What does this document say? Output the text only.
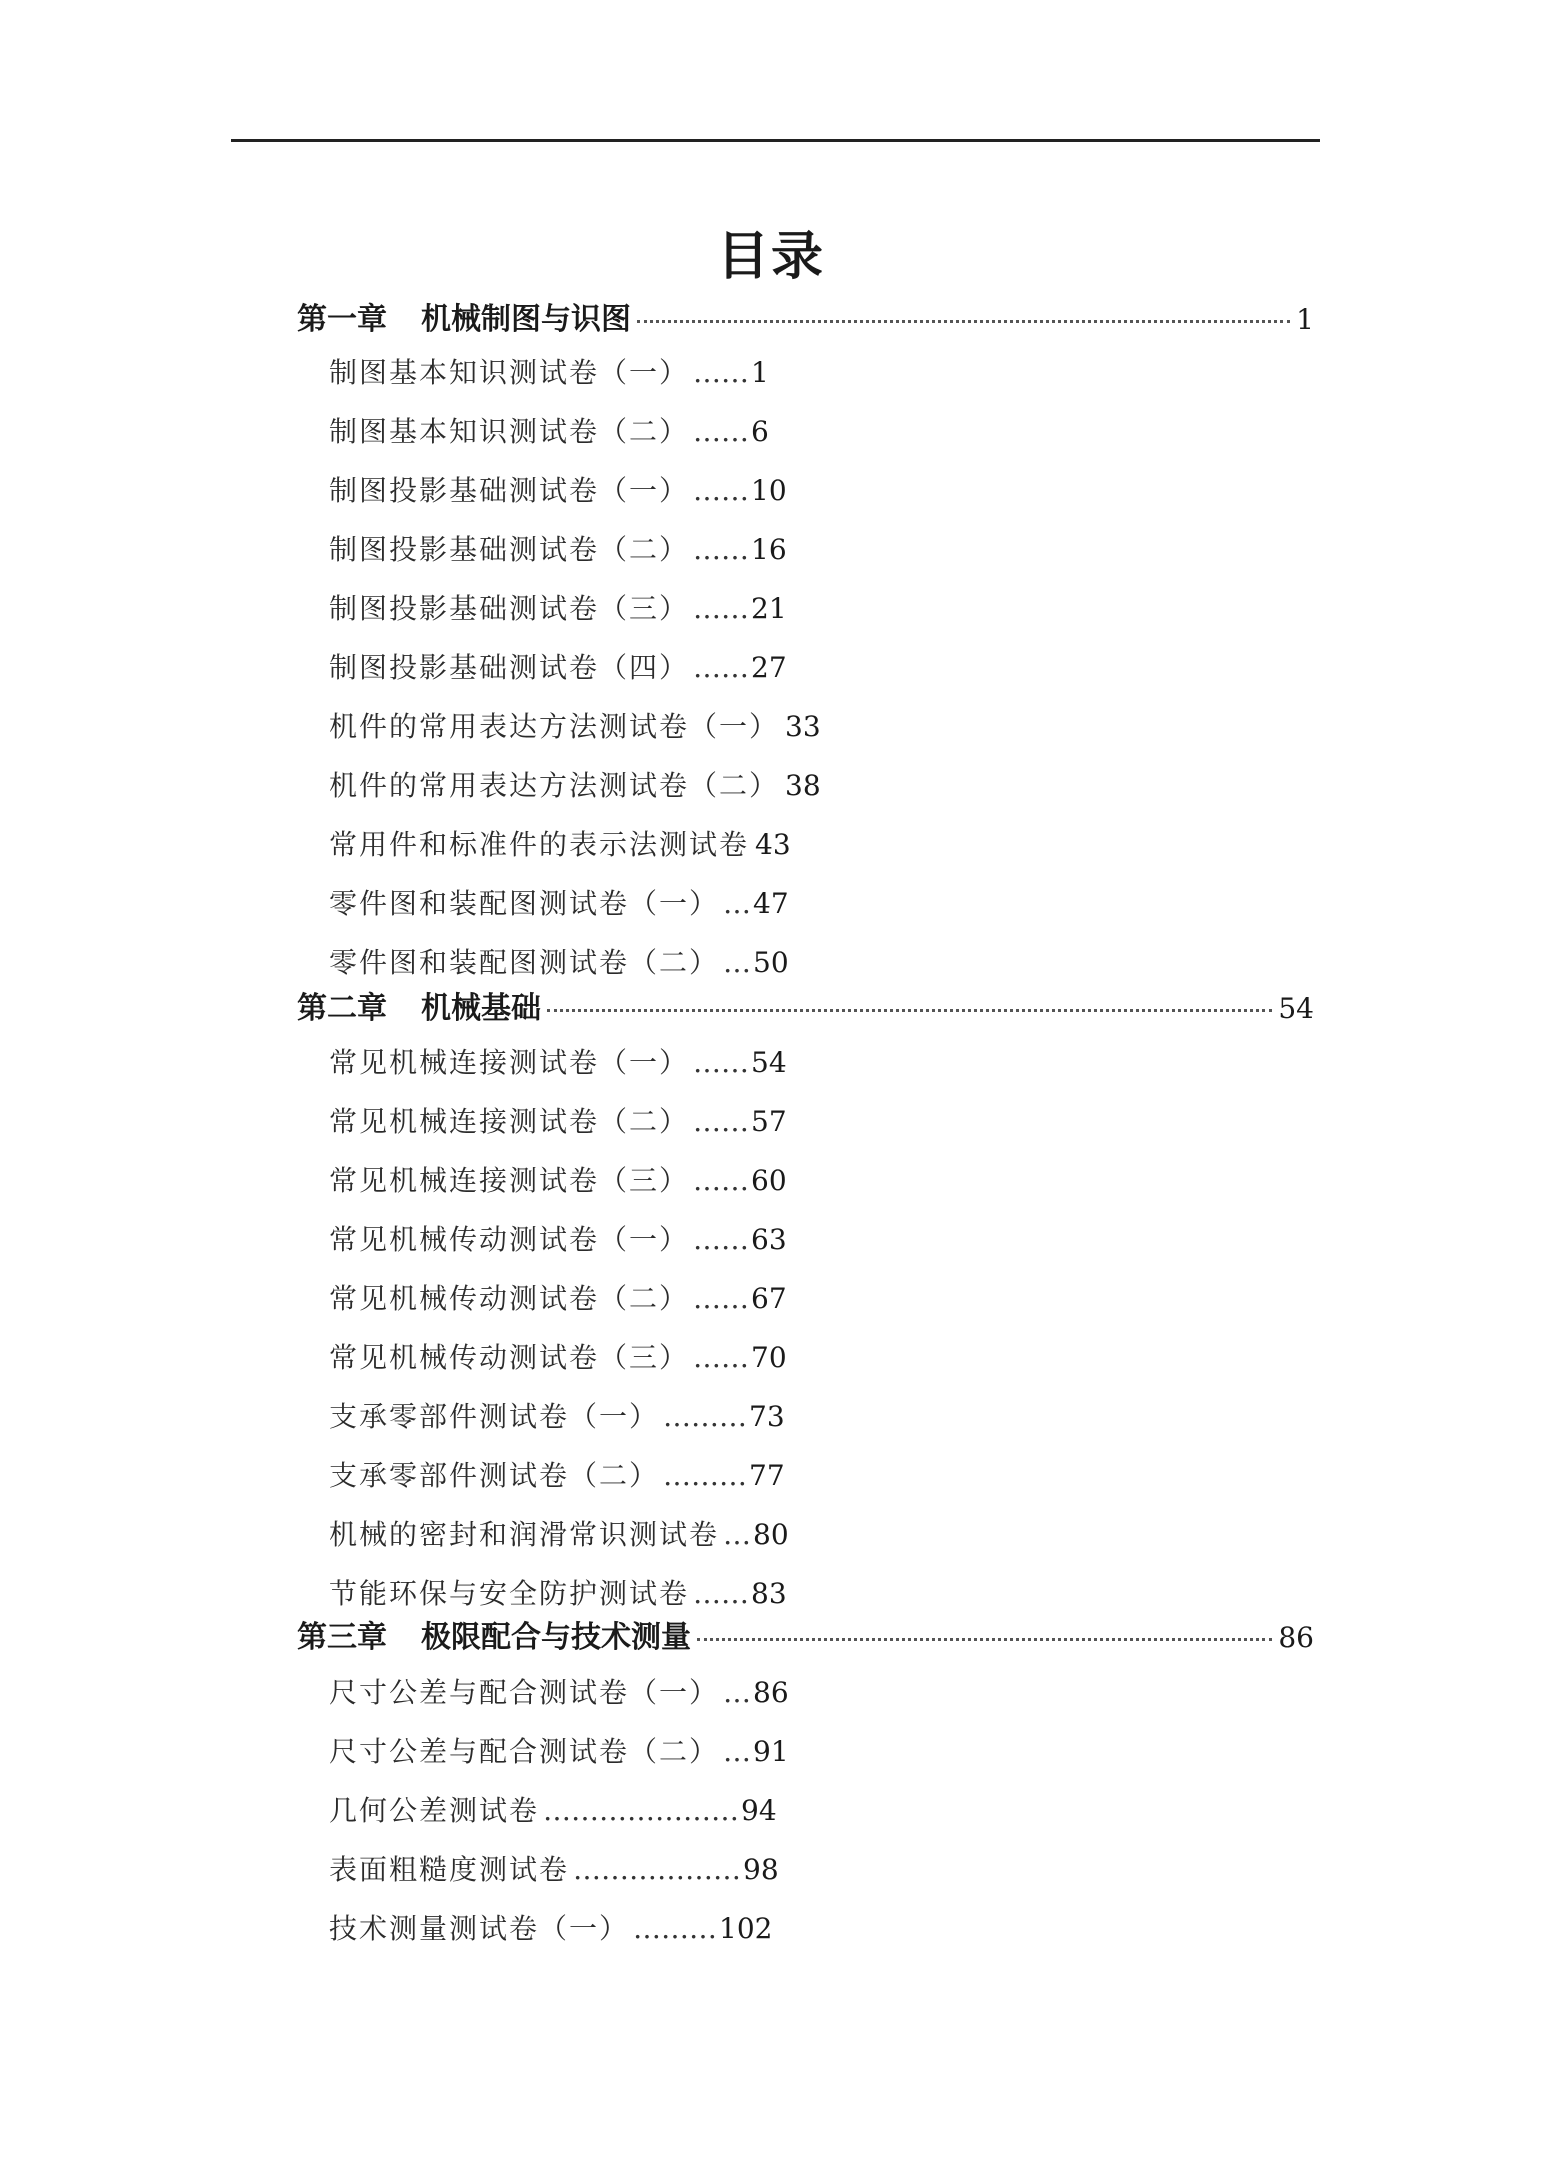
目录
第一章 机械制图与识图	1
制图基本知识测试卷（一） …… 1
制图基本知识测试卷（二） …… 6
制图投影基础测试卷（一） …… 10
制图投影基础测试卷（二） …… 16
制图投影基础测试卷（三） …… 21
制图投影基础测试卷（四） …… 27
机件的常用表达方法测试卷（一） 33
机件的常用表达方法测试卷（二） 38
常用件和标准件的表示法测试卷 43
零件图和装配图测试卷（一） … 47
零件图和装配图测试卷（二） … 50
第二章 机械基础	54
常见机械连接测试卷（一） …… 54
常见机械连接测试卷（二） …… 57
常见机械连接测试卷（三） …… 60
常见机械传动测试卷（一） …… 63
常见机械传动测试卷（二） …… 67
常见机械传动测试卷（三） …… 70
支承零部件测试卷（一） ……… 73
支承零部件测试卷（二） ……… 77
机械的密封和润滑常识测试卷 … 80
节能环保与安全防护测试卷 …… 83
第三章 极限配合与技术测量	86
尺寸公差与配合测试卷（一） … 86
尺寸公差与配合测试卷（二） … 91
几何公差测试卷 ………………… 94
表面粗糙度测试卷 ……………… 98
技术测量测试卷（一） ……… 102
